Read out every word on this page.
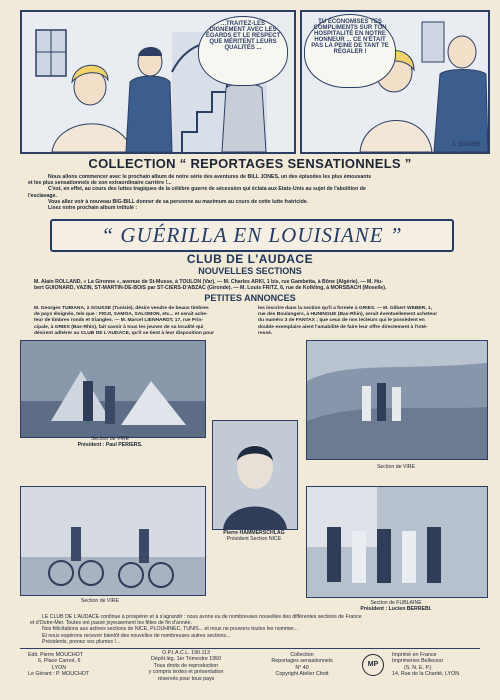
...TRAITEZ-LES DIGNEMENT AVEC LES ÉGARDS ET LE RESPECT QUE MÉRITENT LEURS QUALITÉS ...
TU ÉCONOMISES TES COMPLIMENTS SUR TON HOSPITALITÉ EN NOTRE HONNEUR ... CE N'ÉTAIT PAS LA PEINE DE TANT TE RÉGALER !
À SUIVRE
COLLECTION “ REPORTAGES SENSATIONNELS ”
Nous allons commencer avec le prochain album de notre série des aventures de BILL JONES, un des épisodes les plus émouvants
et les plus sensationnels de son extraordinaire carrière !...
C'est, en effet, au cours des luttes tragiques de la célèbre guerre de sécession qui éclata aux Etats-Unis au sujet de l'abolition de
l'esclavage.
Vous allez voir à nouveau BIG-BILL donner de sa personne au maximum au cours de cette lutte fratricide.
Lisez notre prochain album intitulé :
“ GUÉRILLA EN LOUISIANE ”
CLUB DE L'AUDACE
NOUVELLES SECTIONS
M. Alain ROLLAND, « La Gironne », avenue de St-Musse, à TOULON (Var). — M. Charles ARKI, 1 bis, rue Gambetta, à Bône (Algérie). — M. Hu-
bert GUIONARD, VAZIN, ST-MARTIN-DE-BOIS par ST-CIERS-D'ABZAC (Gironde). — M. Louis FRITZ, 6, rue de Kolkling, à MORSBACH (Moselle).
PETITES ANNONCES
M. Georges TUBIANA, à SOUSSE (Tunisie), désire vendre de beaux timbres
de pays éloignés, tels que : FIDJI, SAMOA, SALOMON, etc... et serait ache-
teur de timbres ronds et triangles. — M. Marcel LIENHARDT, 17, rue Prin-
cipale, à GRIES (Bas-Rhin), fait savoir à tous les jeunes de sa localité qui
désirent adhérer au CLUB DE L'AUDACE, qu'il se tient à leur disposition pour
les inscrire dans la section qu'il a formée à GRIES. — M. Gilbert WEBER, 1,
rue des Boulangers, à HUNINGUE (Bas-Rhin), serait éventuellement acheteur
du numéro 3 de FANTAX ; que ceux de nos lecteurs qui le possèdent en
double exemplaire aient l'amabilité de faire leur offre directement à l'inté-
ressé.
Section de VIRE
Président : Paul PERIERS.
Section de VIRE
Pierre HAMMERSCHLAG
Président Section NICE
Section de VIRE	Section de FUBLAINE
Président : Lucien BERREBI.
LE CLUB DE L'AUDACE continue à prospérer et à s'agrandir : nous avons eu de nombreuses nouvelles des différentes sections de France
et d'Outre-Mer. Toutes ont passé joyeusement les fêtes de fin d'année.
Nos félicitations aux actives sections de NICE, PLOUHINEC, TUNIS... et nous ne pouvons toutes les nommer...
Et nous espérons recevoir bientôt des nouvelles de nombreuses autres sections...
Présidents, prenez vos plumes !...
Edit. Pierre MOUCHOT
6, Place Carnot, 6
LYON
Le Gérant : P. MOUCHOT
O.P.I.A.C.L. 190.113
Dépôt lég. 1er Trimestre 1950
Tous droits de reproduction
y compris textes et présentation
réservés pour tous pays
Collection
Reportages sensationnels
N° 40
Copyright Atelier Chott
MP
Imprimé en France
Imprimeries Bellecour
(S. N. E. P.)
14, Rue de la Charité, LYON
